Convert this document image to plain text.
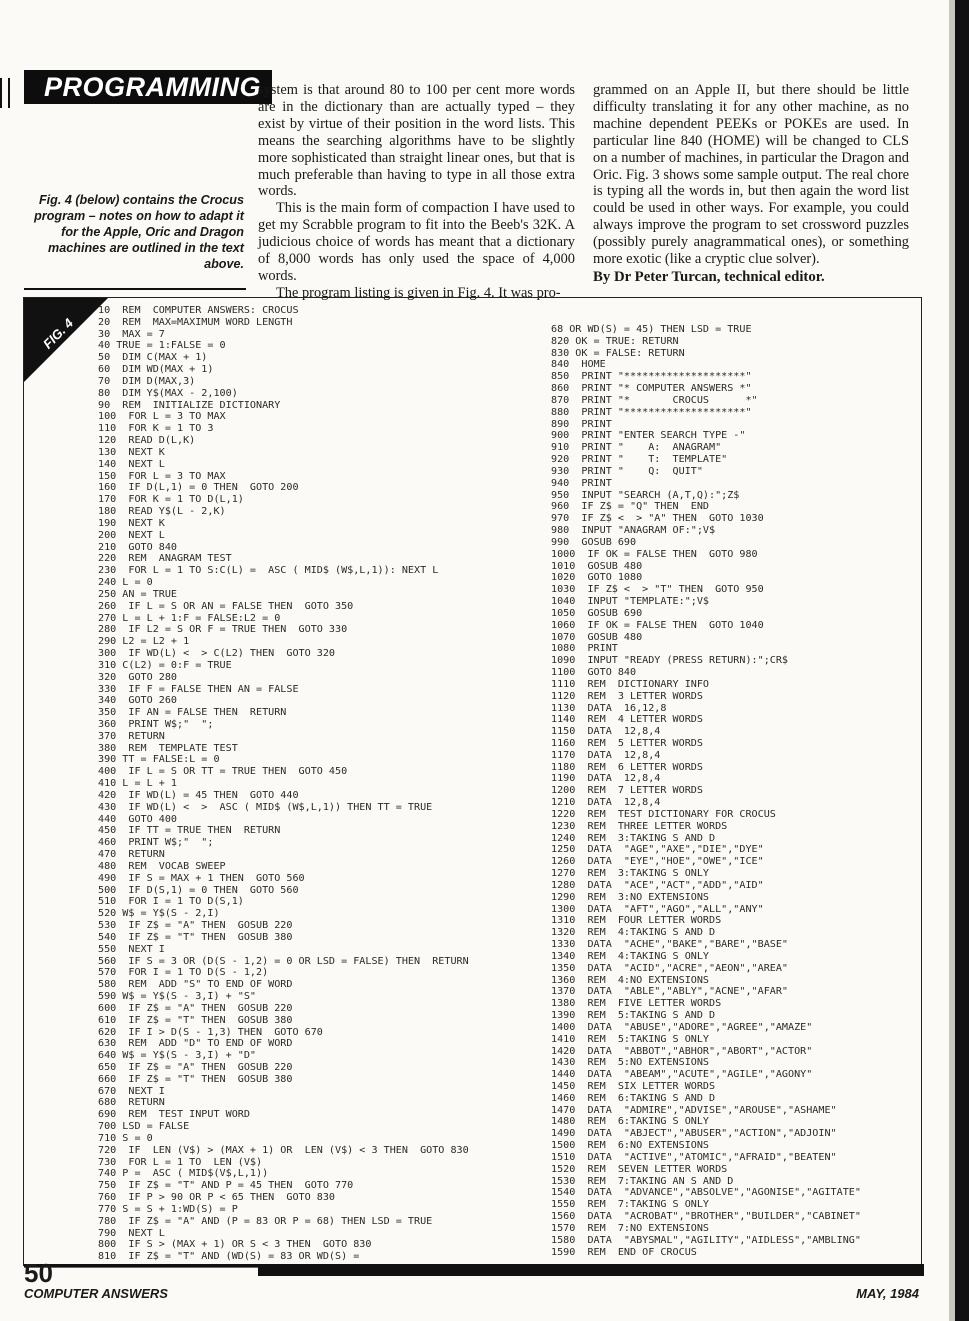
PROGRAMMING
Fig. 4 (below) contains the Crocus program – notes on how to adapt it for the Apple, Oric and Dragon machines are outlined in the text above.

system is that around 80 to 100 per cent more words are in the dictionary than are actually typed – they exist by virtue of their position in the word lists. This means the searching algorithms have to be slightly more sophisticated than straight linear ones, but that is much preferable than having to type in all those extra words.

This is the main form of compaction I have used to get my Scrabble program to fit into the Beeb's 32K. A judicious choice of words has meant that a dictionary of 8,000 words has only used the space of 4,000 words.

The program listing is given in Fig. 4. It was pro-

grammed on an Apple II, but there should be little difficulty translating it for any other machine, as no machine dependent PEEKs or POKEs are used. In particular line 840 (HOME) will be changed to CLS on a number of machines, in particular the Dragon and Oric. Fig. 3 shows some sample output. The real chore is typing all the words in, but then again the word list could be used in other ways. For example, you could always improve the program to set crossword puzzles (possibly purely anagrammatical ones), or something more exotic (like a cryptic clue solver).

By Dr Peter Turcan, technical editor.

FIG. 4
10  REM  COMPUTER ANSWERS: CROCUS
20  REM  MAX=MAXIMUM WORD LENGTH
30  MAX = 7
40 TRUE = 1:FALSE = 0
50  DIM C(MAX + 1)
60  DIM WD(MAX + 1)
70  DIM D(MAX,3)
80  DIM Y$(MAX - 2,100)
90  REM  INITIALIZE DICTIONARY
100  FOR L = 3 TO MAX
110  FOR K = 1 TO 3
120  READ D(L,K)
130  NEXT K
140  NEXT L
150  FOR L = 3 TO MAX
160  IF D(L,1) = 0 THEN  GOTO 200
170  FOR K = 1 TO D(L,1)
180  READ Y$(L - 2,K)
190  NEXT K
200  NEXT L
210  GOTO 840
220  REM  ANAGRAM TEST
230  FOR L = 1 TO S:C(L) =  ASC ( MID$ (W$,L,1)): NEXT L
240 L = 0
250 AN = TRUE
260  IF L = S OR AN = FALSE THEN  GOTO 350
270 L = L + 1:F = FALSE:L2 = 0
280  IF L2 = S OR F = TRUE THEN  GOTO 330
290 L2 = L2 + 1
300  IF WD(L) <  > C(L2) THEN  GOTO 320
310 C(L2) = 0:F = TRUE
320  GOTO 280
330  IF F = FALSE THEN AN = FALSE
340  GOTO 260
350  IF AN = FALSE THEN  RETURN
360  PRINT W$;"  ";
370  RETURN
380  REM  TEMPLATE TEST
390 TT = FALSE:L = 0
400  IF L = S OR TT = TRUE THEN  GOTO 450
410 L = L + 1
420  IF WD(L) = 45 THEN  GOTO 440
430  IF WD(L) <  >  ASC ( MID$ (W$,L,1)) THEN TT = TRUE
440  GOTO 400
450  IF TT = TRUE THEN  RETURN
460  PRINT W$;"  ";
470  RETURN
480  REM  VOCAB SWEEP
490  IF S = MAX + 1 THEN  GOTO 560
500  IF D(S,1) = 0 THEN  GOTO 560
510  FOR I = 1 TO D(S,1)
520 W$ = Y$(S - 2,I)
530  IF Z$ = "A" THEN  GOSUB 220
540  IF Z$ = "T" THEN  GOSUB 380
550  NEXT I
560  IF S = 3 OR (D(S - 1,2) = 0 OR LSD = FALSE) THEN  RETURN
570  FOR I = 1 TO D(S - 1,2)
580  REM  ADD "S" TO END OF WORD
590 W$ = Y$(S - 3,I) + "S"
600  IF Z$ = "A" THEN  GOSUB 220
610  IF Z$ = "T" THEN  GOSUB 380
620  IF I > D(S - 1,3) THEN  GOTO 670
630  REM  ADD "D" TO END OF WORD
640 W$ = Y$(S - 3,I) + "D"
650  IF Z$ = "A" THEN  GOSUB 220
660  IF Z$ = "T" THEN  GOSUB 380
670  NEXT I
680  RETURN
690  REM  TEST INPUT WORD
700 LSD = FALSE
710 S = 0
720  IF  LEN (V$) > (MAX + 1) OR  LEN (V$) < 3 THEN  GOTO 830
730  FOR L = 1 TO  LEN (V$)
740 P =  ASC ( MID$(V$,L,1))
750  IF Z$ = "T" AND P = 45 THEN  GOTO 770
760  IF P > 90 OR P < 65 THEN  GOTO 830
770 S = S + 1:WD(S) = P
780  IF Z$ = "A" AND (P = 83 OR P = 68) THEN LSD = TRUE
790  NEXT L
800  IF S > (MAX + 1) OR S < 3 THEN  GOTO 830
810  IF Z$ = "T" AND (WD(S) = 83 OR WD(S) =
68 OR WD(S) = 45) THEN LSD = TRUE
820 OK = TRUE: RETURN
830 OK = FALSE: RETURN
840  HOME
850  PRINT "********************"
860  PRINT "* COMPUTER ANSWERS *"
870  PRINT "*       CROCUS      *"
880  PRINT "********************"
890  PRINT
900  PRINT "ENTER SEARCH TYPE -"
910  PRINT "    A:  ANAGRAM"
920  PRINT "    T:  TEMPLATE"
930  PRINT "    Q:  QUIT"
940  PRINT
950  INPUT "SEARCH (A,T,Q):";Z$
960  IF Z$ = "Q" THEN  END
970  IF Z$ <  > "A" THEN  GOTO 1030
980  INPUT "ANAGRAM OF:";V$
990  GOSUB 690
1000  IF OK = FALSE THEN  GOTO 980
1010  GOSUB 480
1020  GOTO 1080
1030  IF Z$ <  > "T" THEN  GOTO 950
1040  INPUT "TEMPLATE:";V$
1050  GOSUB 690
1060  IF OK = FALSE THEN  GOTO 1040
1070  GOSUB 480
1080  PRINT
1090  INPUT "READY (PRESS RETURN):";CR$
1100  GOTO 840
1110  REM  DICTIONARY INFO
1120  REM  3 LETTER WORDS
1130  DATA  16,12,8
1140  REM  4 LETTER WORDS
1150  DATA  12,8,4
1160  REM  5 LETTER WORDS
1170  DATA  12,8,4
1180  REM  6 LETTER WORDS
1190  DATA  12,8,4
1200  REM  7 LETTER WORDS
1210  DATA  12,8,4
1220  REM  TEST DICTIONARY FOR CROCUS
1230  REM  THREE LETTER WORDS
1240  REM  3:TAKING S AND D
1250  DATA  "AGE","AXE","DIE","DYE"
1260  DATA  "EYE","HOE","OWE","ICE"
1270  REM  3:TAKING S ONLY
1280  DATA  "ACE","ACT","ADD","AID"
1290  REM  3:NO EXTENSIONS
1300  DATA  "AFT","AGO","ALL","ANY"
1310  REM  FOUR LETTER WORDS
1320  REM  4:TAKING S AND D
1330  DATA  "ACHE","BAKE","BARE","BASE"
1340  REM  4:TAKING S ONLY
1350  DATA  "ACID","ACRE","AEON","AREA"
1360  REM  4:NO EXTENSIONS
1370  DATA  "ABLE","ABLY","ACNE","AFAR"
1380  REM  FIVE LETTER WORDS
1390  REM  5:TAKING S AND D
1400  DATA  "ABUSE","ADORE","AGREE","AMAZE"
1410  REM  5:TAKING S ONLY
1420  DATA  "ABBOT","ABHOR","ABORT","ACTOR"
1430  REM  5:NO EXTENSIONS
1440  DATA  "ABEAM","ACUTE","AGILE","AGONY"
1450  REM  SIX LETTER WORDS
1460  REM  6:TAKING S AND D
1470  DATA  "ADMIRE","ADVISE","AROUSE","ASHAME"
1480  REM  6:TAKING S ONLY
1490  DATA  "ABJECT","ABUSER","ACTION","ADJOIN"
1500  REM  6:NO EXTENSIONS
1510  DATA  "ACTIVE","ATOMIC","AFRAID","BEATEN"
1520  REM  SEVEN LETTER WORDS
1530  REM  7:TAKING AN S AND D
1540  DATA  "ADVANCE","ABSOLVE","AGONISE","AGITATE"
1550  REM  7:TAKING S ONLY
1560  DATA  "ACROBAT","BROTHER","BUILDER","CABINET"
1570  REM  7:NO EXTENSIONS
1580  DATA  "ABYSMAL","AGILITY","AIDLESS","AMBLING"
1590  REM  END OF CROCUS
50
COMPUTER ANSWERS	MAY, 1984
